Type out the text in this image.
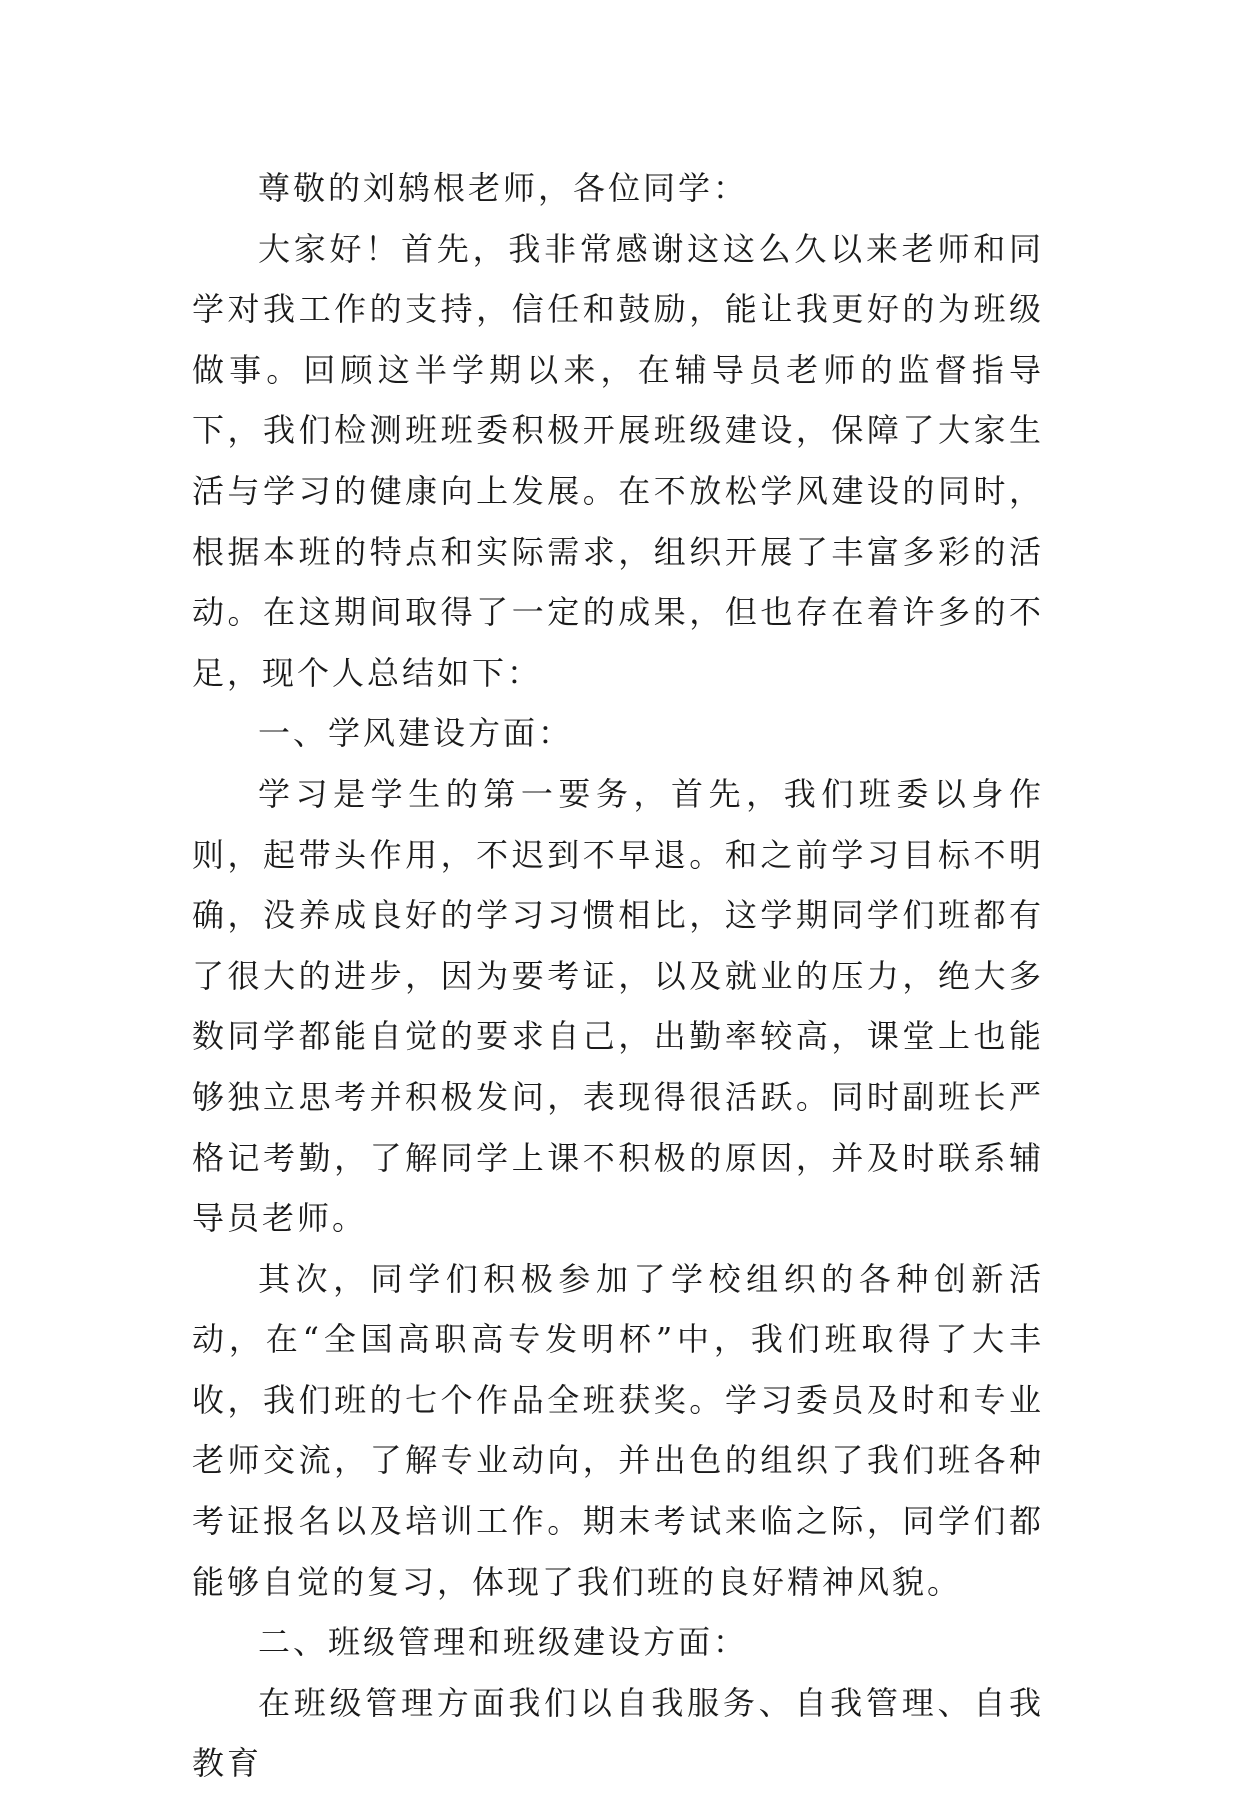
尊敬的刘鸫根老师，各位同学：

大家好！首先，我非常感谢这这么久以来老师和同学对我工作的支持，信任和鼓励，能让我更好的为班级做事。回顾这半学期以来，在辅导员老师的监督指导下，我们检测班班委积极开展班级建设，保障了大家生活与学习的健康向上发展。在不放松学风建设的同时，根据本班的特点和实际需求，组织开展了丰富多彩的活动。在这期间取得了一定的成果，但也存在着许多的不足，现个人总结如下：

一、学风建设方面：

学习是学生的第一要务，首先，我们班委以身作则，起带头作用，不迟到不早退。和之前学习目标不明确，没养成良好的学习习惯相比，这学期同学们班都有了很大的进步，因为要考证，以及就业的压力，绝大多数同学都能自觉的要求自己，出勤率较高，课堂上也能够独立思考并积极发问，表现得很活跃。同时副班长严格记考勤，了解同学上课不积极的原因，并及时联系辅导员老师。

其次，同学们积极参加了学校组织的各种创新活动，在“全国高职高专发明杯”中，我们班取得了大丰收，我们班的七个作品全班获奖。学习委员及时和专业老师交流，了解专业动向，并出色的组织了我们班各种考证报名以及培训工作。期末考试来临之际，同学们都能够自觉的复习，体现了我们班的良好精神风貌。

二、班级管理和班级建设方面：

在班级管理方面我们以自我服务、自我管理、自我教育
